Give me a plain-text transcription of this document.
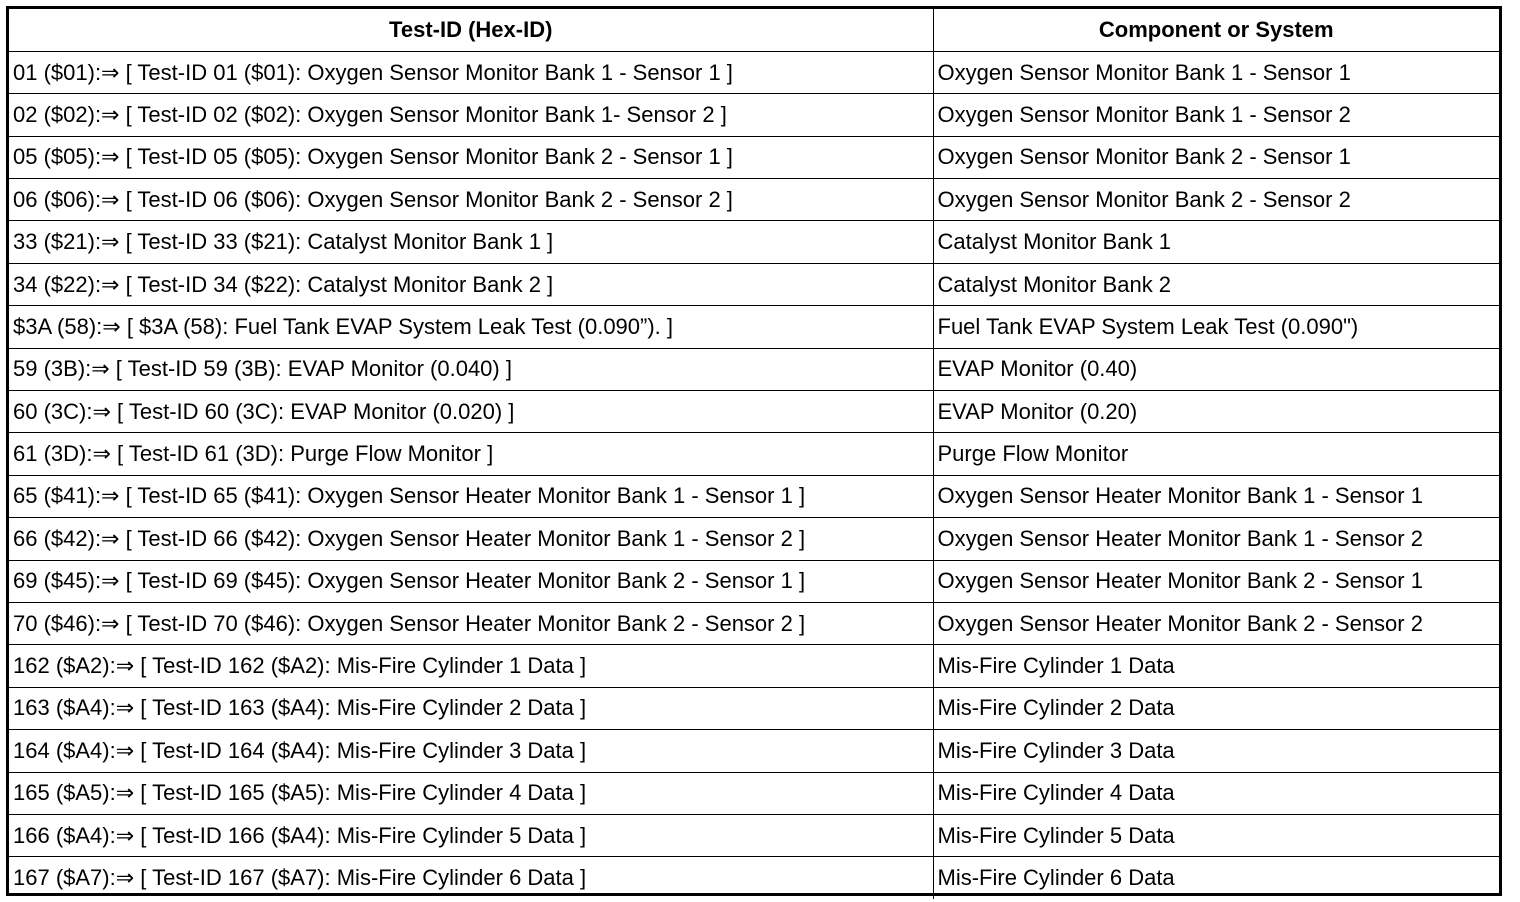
Test-ID (Hex-ID)	Component or System
01 ($01):⇒ [ Test-ID 01 ($01): Oxygen Sensor Monitor Bank 1 - Sensor 1 ]	Oxygen Sensor Monitor Bank 1 - Sensor 1
02 ($02):⇒ [ Test-ID 02 ($02): Oxygen Sensor Monitor Bank 1- Sensor 2 ]	Oxygen Sensor Monitor Bank 1 - Sensor 2
05 ($05):⇒ [ Test-ID 05 ($05): Oxygen Sensor Monitor Bank 2 - Sensor 1 ]	Oxygen Sensor Monitor Bank 2 - Sensor 1
06 ($06):⇒ [ Test-ID 06 ($06): Oxygen Sensor Monitor Bank 2 - Sensor 2 ]	Oxygen Sensor Monitor Bank 2 - Sensor 2
33 ($21):⇒ [ Test-ID 33 ($21): Catalyst Monitor Bank 1 ]	Catalyst Monitor Bank 1
34 ($22):⇒ [ Test-ID 34 ($22): Catalyst Monitor Bank 2 ]	Catalyst Monitor Bank 2
$3A (58):⇒ [ $3A (58): Fuel Tank EVAP System Leak Test (0.090”). ]	Fuel Tank EVAP System Leak Test (0.090")
59 (3B):⇒ [ Test-ID 59 (3B): EVAP Monitor (0.040) ]	EVAP Monitor (0.40)
60 (3C):⇒ [ Test-ID 60 (3C): EVAP Monitor (0.020) ]	EVAP Monitor (0.20)
61 (3D):⇒ [ Test-ID 61 (3D): Purge Flow Monitor ]	Purge Flow Monitor
65 ($41):⇒ [ Test-ID 65 ($41): Oxygen Sensor Heater Monitor Bank 1 - Sensor 1 ]	Oxygen Sensor Heater Monitor Bank 1 - Sensor 1
66 ($42):⇒ [ Test-ID 66 ($42): Oxygen Sensor Heater Monitor Bank 1 - Sensor 2 ]	Oxygen Sensor Heater Monitor Bank 1 - Sensor 2
69 ($45):⇒ [ Test-ID 69 ($45): Oxygen Sensor Heater Monitor Bank 2 - Sensor 1 ]	Oxygen Sensor Heater Monitor Bank 2 - Sensor 1
70 ($46):⇒ [ Test-ID 70 ($46): Oxygen Sensor Heater Monitor Bank 2 - Sensor 2 ]	Oxygen Sensor Heater Monitor Bank 2 - Sensor 2
162 ($A2):⇒ [ Test-ID 162 ($A2): Mis-Fire Cylinder 1 Data ]	Mis-Fire Cylinder 1 Data
163 ($A4):⇒ [ Test-ID 163 ($A4): Mis-Fire Cylinder 2 Data ]	Mis-Fire Cylinder 2 Data
164 ($A4):⇒ [ Test-ID 164 ($A4): Mis-Fire Cylinder 3 Data ]	Mis-Fire Cylinder 3 Data
165 ($A5):⇒ [ Test-ID 165 ($A5): Mis-Fire Cylinder 4 Data ]	Mis-Fire Cylinder 4 Data
166 ($A4):⇒ [ Test-ID 166 ($A4): Mis-Fire Cylinder 5 Data ]	Mis-Fire Cylinder 5 Data
167 ($A7):⇒ [ Test-ID 167 ($A7): Mis-Fire Cylinder 6 Data ]	Mis-Fire Cylinder 6 Data
